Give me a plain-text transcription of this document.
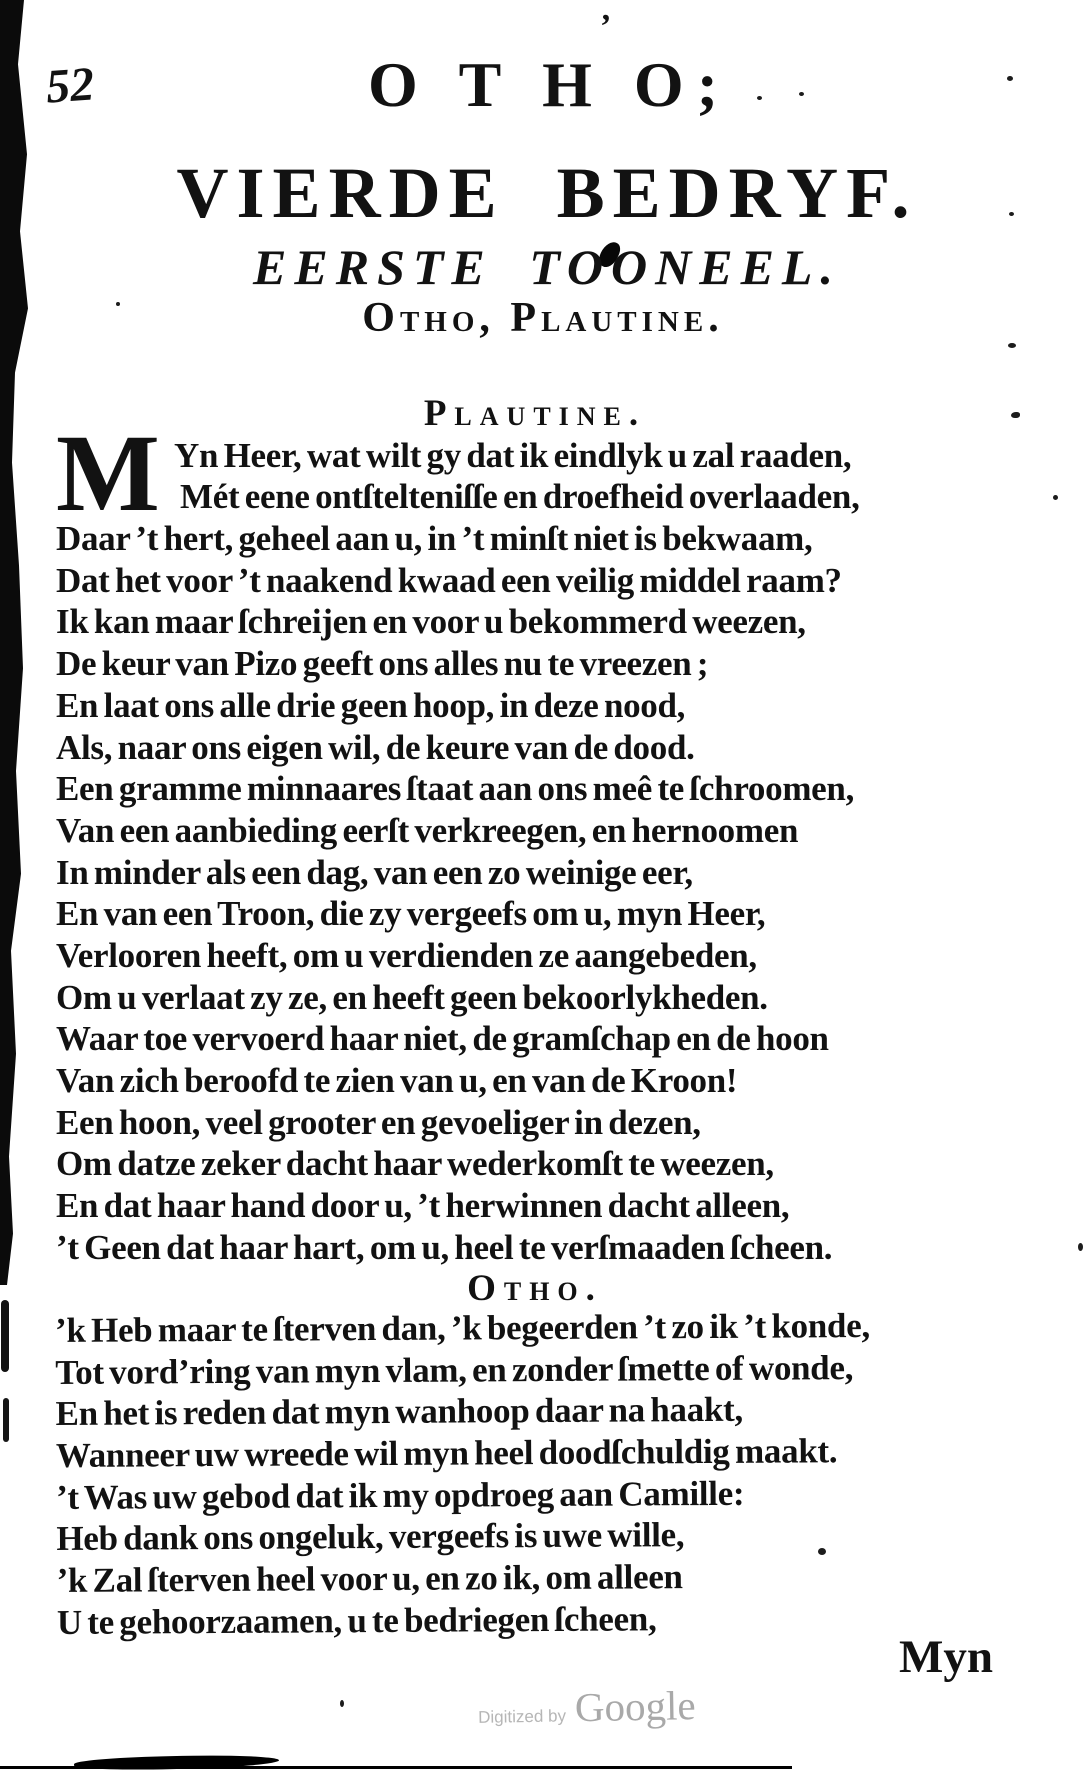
’
52	O T H O;
VIERDE BEDRYF.
EERSTE TOONEEL.
Otho, Plautine.
M	Plautine.
Yn Heer, wat wilt gy dat ik eindlyk u zal raaden,
Mét eene ontſtelteniſſe en droefheid overlaaden,
Daar ’t hert, geheel aan u, in ’t minſt niet is bekwaam,
Dat het voor ’t naakend kwaad een veilig middel raam?
Ik kan maar ſchreijen en voor u bekommerd weezen,
De keur van Pizo geeft ons alles nu te vreezen ;
En laat ons alle drie geen hoop, in deze nood,
Als, naar ons eigen wil, de keure van de dood.
Een gramme minnaares ſtaat aan ons meê te ſchroomen,
Van een aanbieding eerſt verkreegen, en hernoomen
In minder als een dag, van een zo weinige eer,
En van een Troon, die zy vergeefs om u, myn Heer,
Verlooren heeft, om u verdienden ze aangebeden,
Om u verlaat zy ze, en heeft geen bekoorlykheden.
Waar toe vervoerd haar niet, de gramſchap en de hoon
Van zich beroofd te zien van u, en van de Kroon!
Een hoon, veel grooter en gevoeliger in dezen,
Om datze zeker dacht haar wederkomſt te weezen,
En dat haar hand door u, ’t herwinnen dacht alleen,
’t Geen dat haar hart, om u, heel te verſmaaden ſcheen.
Otho.
’k Heb maar te ſterven dan, ’k begeerden ’t zo ik ’t konde,
Tot vord’ring van myn vlam, en zonder ſmette of wonde,
En het is reden dat myn wanhoop daar na haakt,
Wanneer uw wreede wil myn heel doodſchuldig maakt.
’t Was uw gebod dat ik my opdroeg aan Camille:
Heb dank ons ongeluk, vergeefs is uwe wille,
’k Zal ſterven heel voor u, en zo ik, om alleen
U te gehoorzaamen, u te bedriegen ſcheen,
Myn
Digitized by Google
